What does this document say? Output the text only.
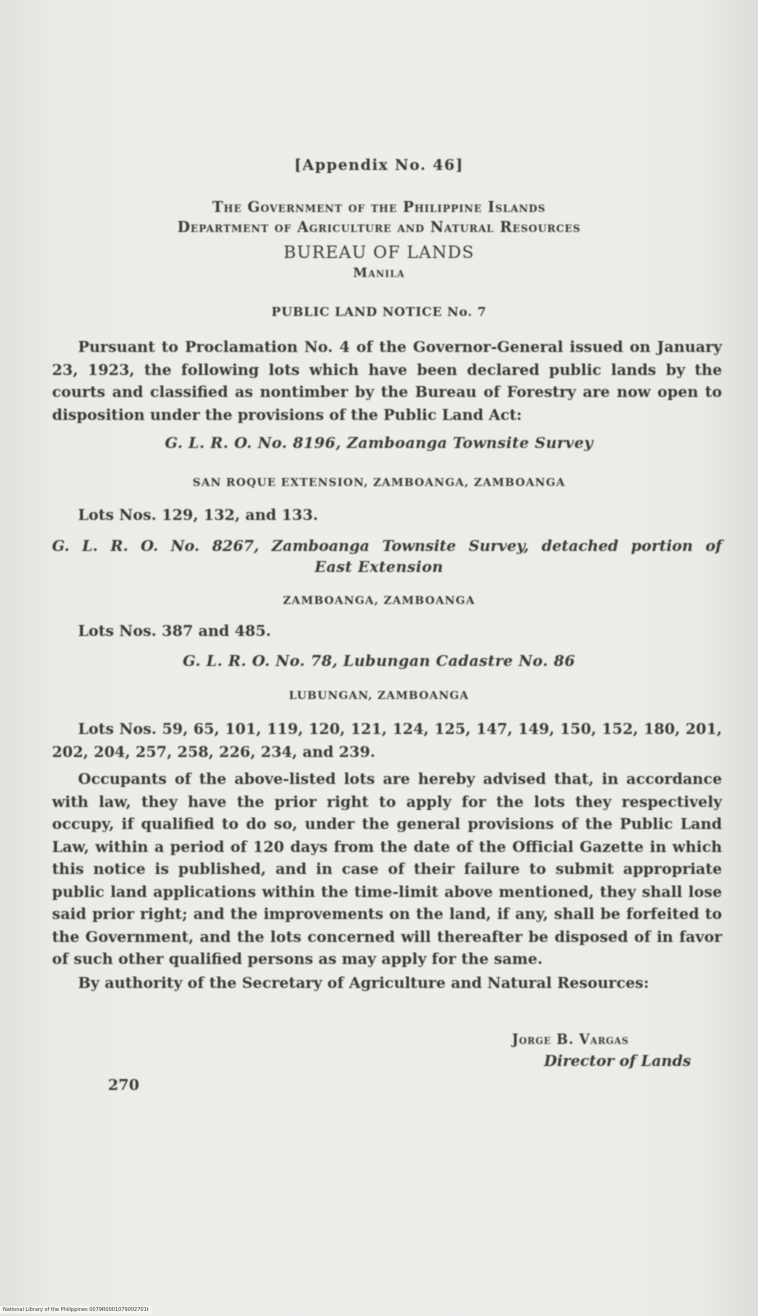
[Appendix No. 46]
The Government of the Philippine Islands
Department of Agriculture and Natural Resources
BUREAU OF LANDS
Manila
PUBLIC LAND NOTICE No. 7
Pursuant to Proclamation No. 4 of the Governor-General issued on January 23, 1923, the following lots which have been declared public lands by the courts and classified as nontimber by the Bureau of Forestry are now open to disposition under the provisions of the Public Land Act:
G. L. R. O. No. 8196, Zamboanga Townsite Survey
SAN ROQUE EXTENSION, ZAMBOANGA, ZAMBOANGA
Lots Nos. 129, 132, and 133.
G. L. R. O. No. 8267, Zamboanga Townsite Survey, detached portion of
East Extension
ZAMBOANGA, ZAMBOANGA
Lots Nos. 387 and 485.
G. L. R. O. No. 78, Lubungan Cadastre No. 86
LUBUNGAN, ZAMBOANGA
Lots Nos. 59, 65, 101, 119, 120, 121, 124, 125, 147, 149, 150, 152, 180, 201, 202, 204, 257, 258, 226, 234, and 239.
Occupants of the above-listed lots are hereby advised that, in accordance with law, they have the prior right to apply for the lots they respectively occupy, if qualified to do so, under the general provisions of the Public Land Law, within a period of 120 days from the date of the Official Gazette in which this notice is published, and in case of their failure to submit appropriate public land applications within the time-limit above mentioned, they shall lose said prior right; and the improvements on the land, if any, shall be forfeited to the Government, and the lots concerned will thereafter be disposed of in favor of such other qualified persons as may apply for the same.
By authority of the Secretary of Agriculture and Natural Resources:
Jorge B. Vargas
Director of Lands
270
National Library of the Philippines 0079R0001079002701t
